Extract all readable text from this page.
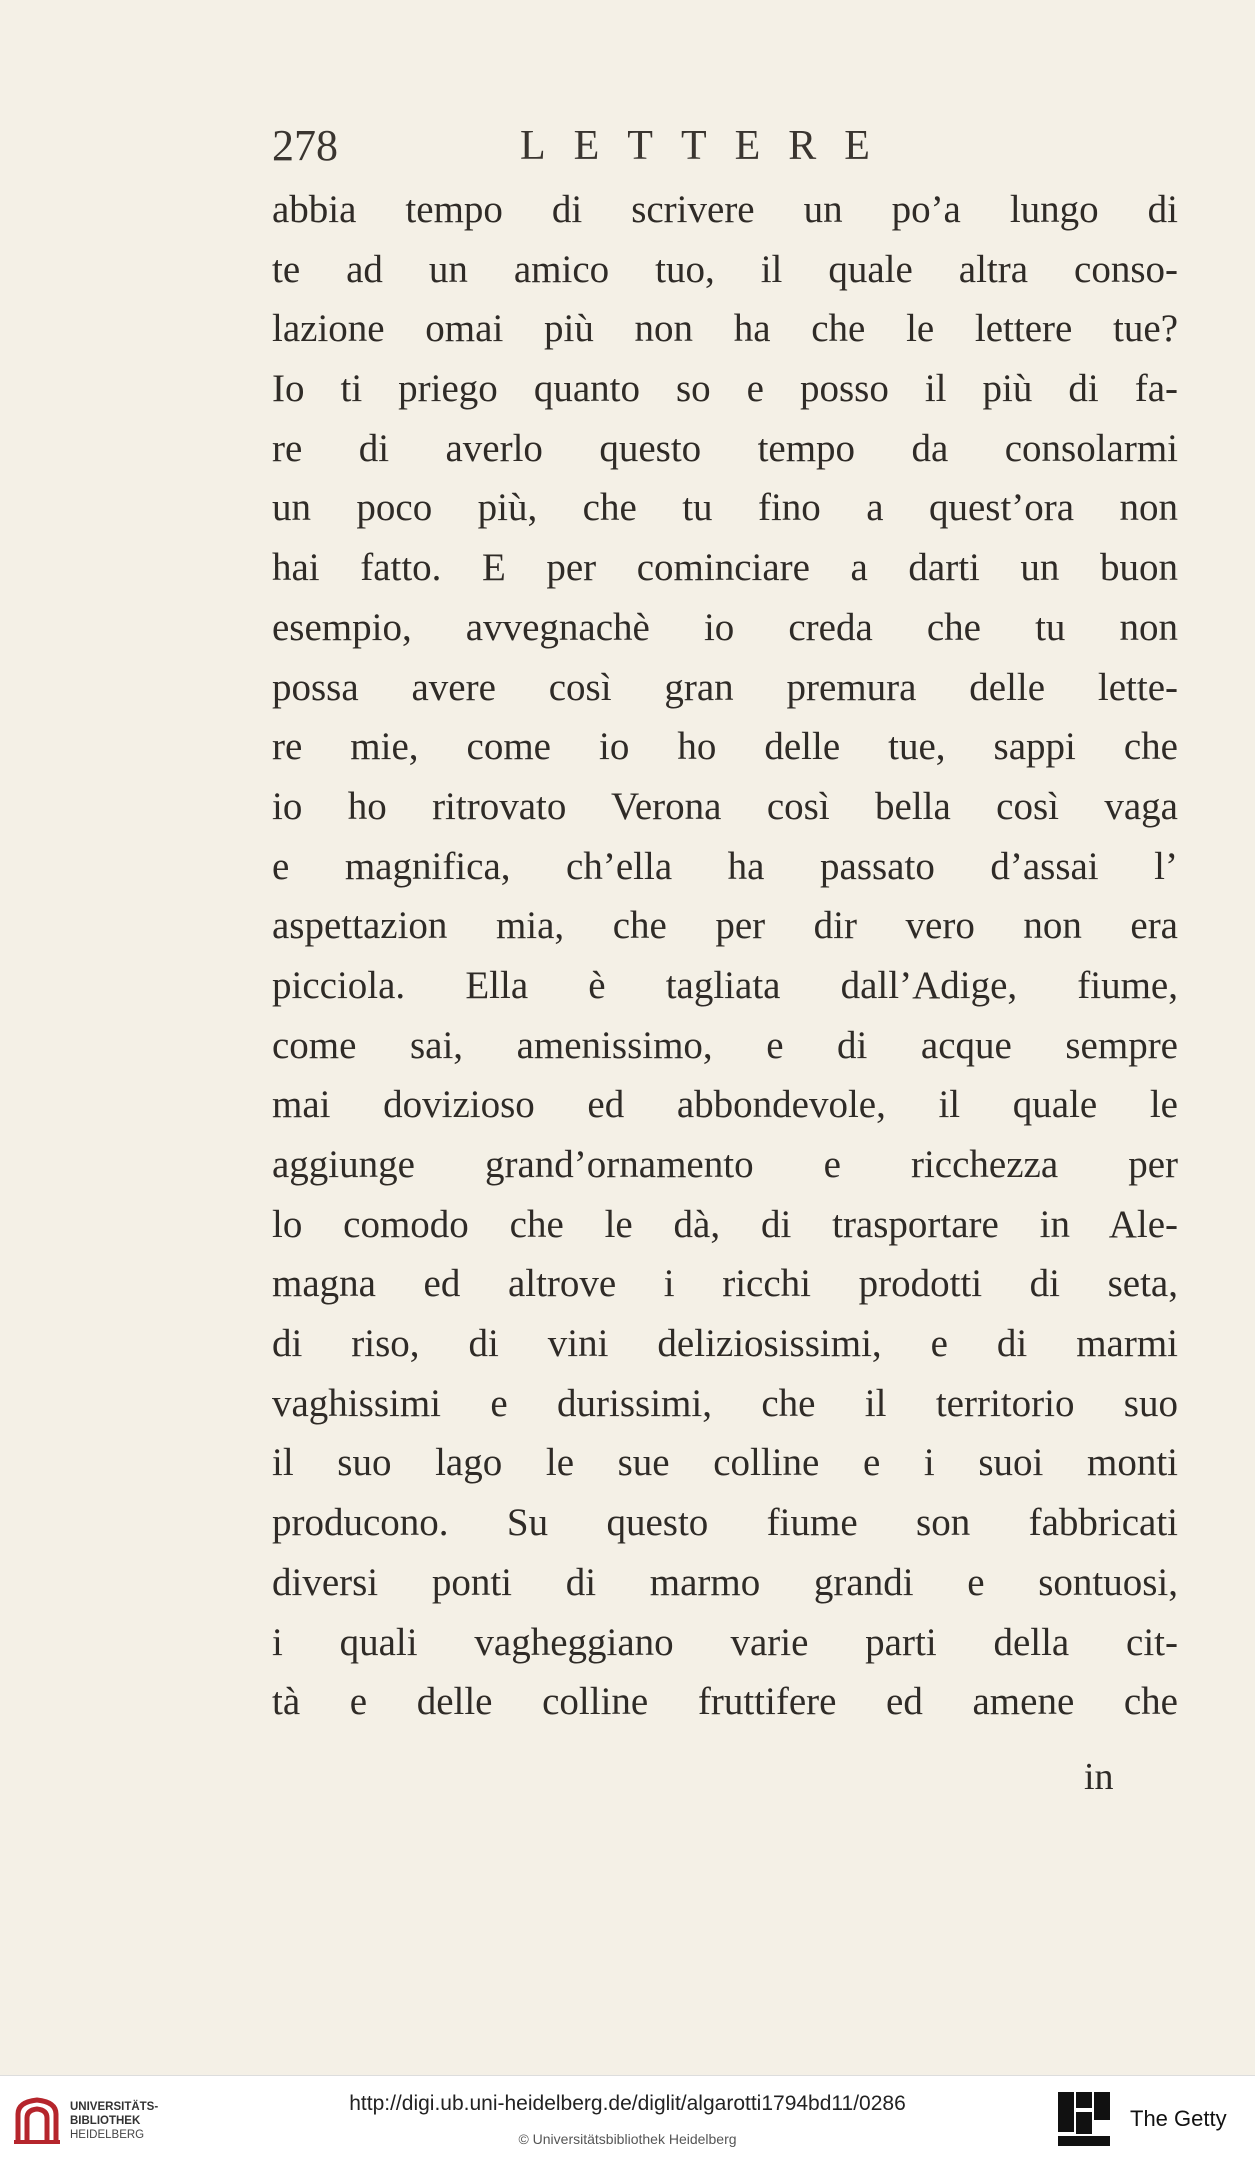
278	LETTERE
abbia tempo di scrivere un po’a lungo di
te ad un amico tuo, il quale altra conso-
lazione omai più non ha che le lettere tue?
Io ti priego quanto so e posso il più di fa-
re di averlo questo tempo da consolarmi
un poco più, che tu fino a quest’ora non
hai fatto. E per cominciare a darti un buon
esempio, avvegnachè io creda che tu non
possa avere così gran premura delle lette-
re mie, come io ho delle tue, sappi che
io ho ritrovato Verona così bella così vaga
e magnifica, ch’ella ha passato d’assai l’
aspettazion mia, che per dir vero non era
picciola. Ella è tagliata dall’Adige, fiume,
come sai, amenissimo, e di acque sempre
mai dovizioso ed abbondevole, il quale le
aggiunge grand’ornamento e ricchezza per
lo comodo che le dà, di trasportare in Ale-
magna ed altrove i ricchi prodotti di seta,
di riso, di vini deliziosissimi, e di marmi
vaghissimi e durissimi, che il territorio suo
il suo lago le sue colline e i suoi monti
producono. Su questo fiume son fabbricati
diversi ponti di marmo grandi e sontuosi,
i quali vagheggiano varie parti della cit-
tà e delle colline fruttifere ed amene che
in
UNIVERSITÄTS-
BIBLIOTHEK
HEIDELBERG
http://digi.ub.uni-heidelberg.de/diglit/algarotti1794bd11/0286
© Universitätsbibliothek Heidelberg
The Getty
